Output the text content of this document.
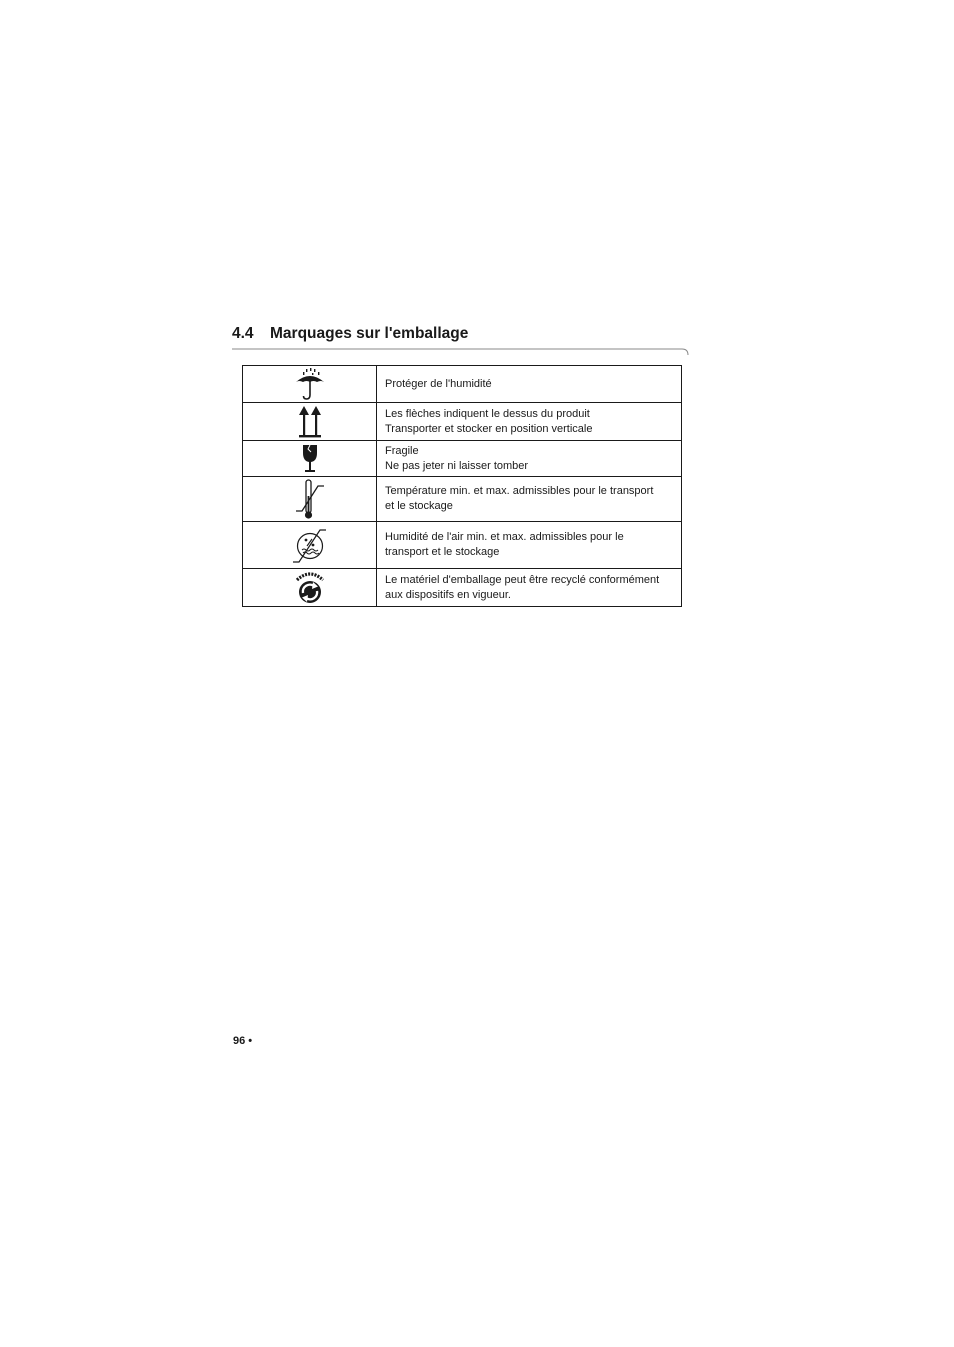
4.4 Marquages sur l'emballage

Protéger de l'humidité

Les flèches indiquent le dessus du produit
Transporter et stocker en position verticale

Fragile
Ne pas jeter ni laisser tomber

Température min. et max. admissibles pour le transport
et le stockage

Humidité de l'air min. et max. admissibles pour le
transport et le stockage

Le matériel d'emballage peut être recyclé conformément
aux dispositifs en vigueur.
96 •
